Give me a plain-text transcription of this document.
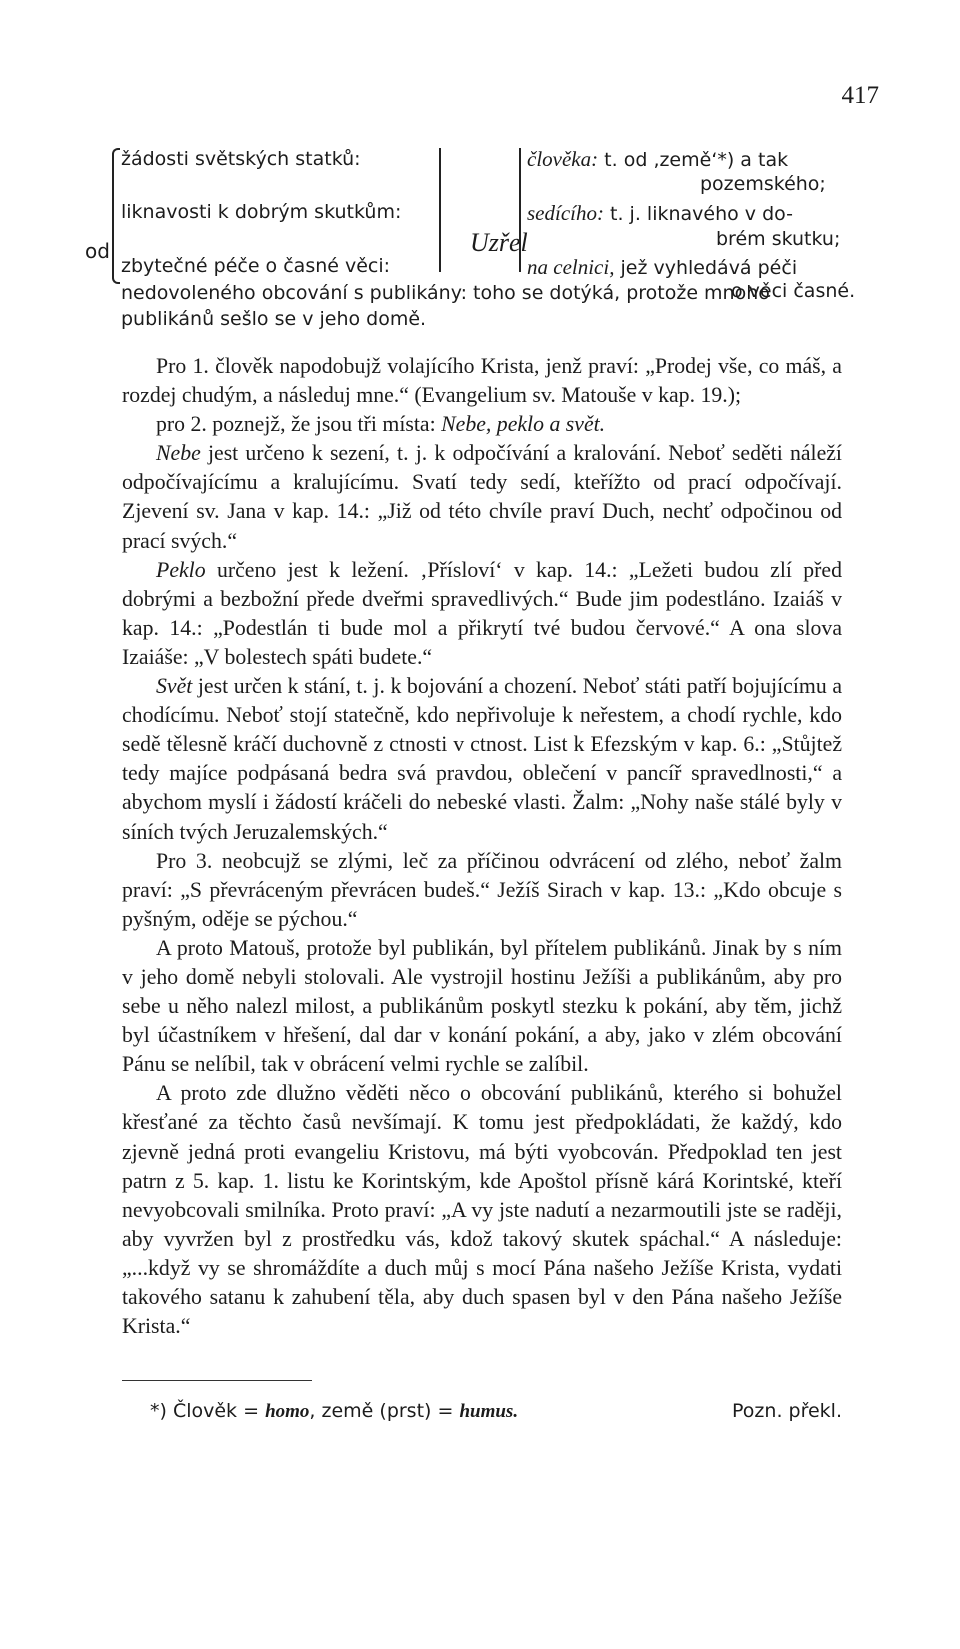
417
od
žádosti světských statků:
liknavosti k dobrým skutkům:
zbytečné péče o časné věci:
Uzřel
člověka: t. od ‚země‘*) a tak
pozemského;
sedícího: t. j. liknavého v do-
brém skutku;
na celnici, jež vyhledává péči
o věci časné.
nedovoleného obcování s publikány: toho se dotýká, protože mnoho
publikánů sešlo se v jeho domě.

Pro 1. člověk napodobujž volajícího Krista, jenž praví: „Prodej vše, co máš, a rozdej chudým, a následuj mne.“ (Evangelium sv. Matouše v kap. 19.);

pro 2. poznejž, že jsou tři místa: Nebe, peklo a svět.

Nebe jest určeno k sezení, t. j. k odpočívání a kralování. Neboť seděti náleží odpočívajícímu a kralujícímu. Svatí tedy sedí, kteřížto od prací odpočívají. Zjevení sv. Jana v kap. 14.: „Již od této chvíle praví Duch, nechť odpočinou od prací svých.“

Peklo určeno jest k ležení. ‚Přísloví‘ v kap. 14.: „Ležeti budou zlí před dobrými a bezbožní přede dveřmi spravedlivých.“ Bude jim podestláno. Izaiáš v kap. 14.: „Podestlán ti bude mol a přikrytí tvé budou červové.“ A ona slova Izaiáše: „V bolestech spáti budete.“

Svět jest určen k stání, t. j. k bojování a chození. Neboť státi patří bojujícímu a chodícímu. Neboť stojí statečně, kdo nepřivoluje k neřestem, a chodí rychle, kdo sedě tělesně kráčí duchovně z ctnosti v ctnost. List k Efezským v kap. 6.: „Stůjtež tedy majíce podpásaná bedra svá pravdou, oblečení v pancíř spravedlnosti,“ a abychom myslí i žádostí kráčeli do nebeské vlasti. Žalm: „Nohy naše stálé byly v síních tvých Jeruzalemských.“

Pro 3. neobcujž se zlými, leč za příčinou odvrácení od zlého, neboť žalm praví: „S převráceným převrácen budeš.“ Ježíš Sirach v kap. 13.: „Kdo obcuje s pyšným, oděje se pýchou.“

A proto Matouš, protože byl publikán, byl přítelem publikánů. Jinak by s ním v jeho domě nebyli stolovali. Ale vystrojil hostinu Ježíši a publikánům, aby pro sebe u něho nalezl milost, a publikánům poskytl stezku k pokání, aby těm, jichž byl účastníkem v hřešení, dal dar v konání pokání, a aby, jako v zlém obcování Pánu se nelíbil, tak v obrácení velmi rychle se zalíbil.

A proto zde dlužno věděti něco o obcování publikánů, kterého si bohužel křesťané za těchto časů nevšímají. K tomu jest předpokládati, že každý, kdo zjevně jedná proti evangeliu Kristovu, má býti vyobcován. Předpoklad ten jest patrn z 5. kap. 1. listu ke Korintským, kde Apoštol přísně kárá Korintské, kteří nevyobcovali smilníka. Proto praví: „A vy jste nadutí a nezarmoutili jste se raději, aby vyvržen byl z prostředku vás, kdož takový skutek spáchal.“ A následuje: „...když vy se shromáždíte a duch můj s mocí Pána našeho Ježíše Krista, vydati takového satanu k zahubení těla, aby duch spasen byl v den Pána našeho Ježíše Krista.“

*) Člověk = homo, země (prst) = humus.	Pozn. překl.
